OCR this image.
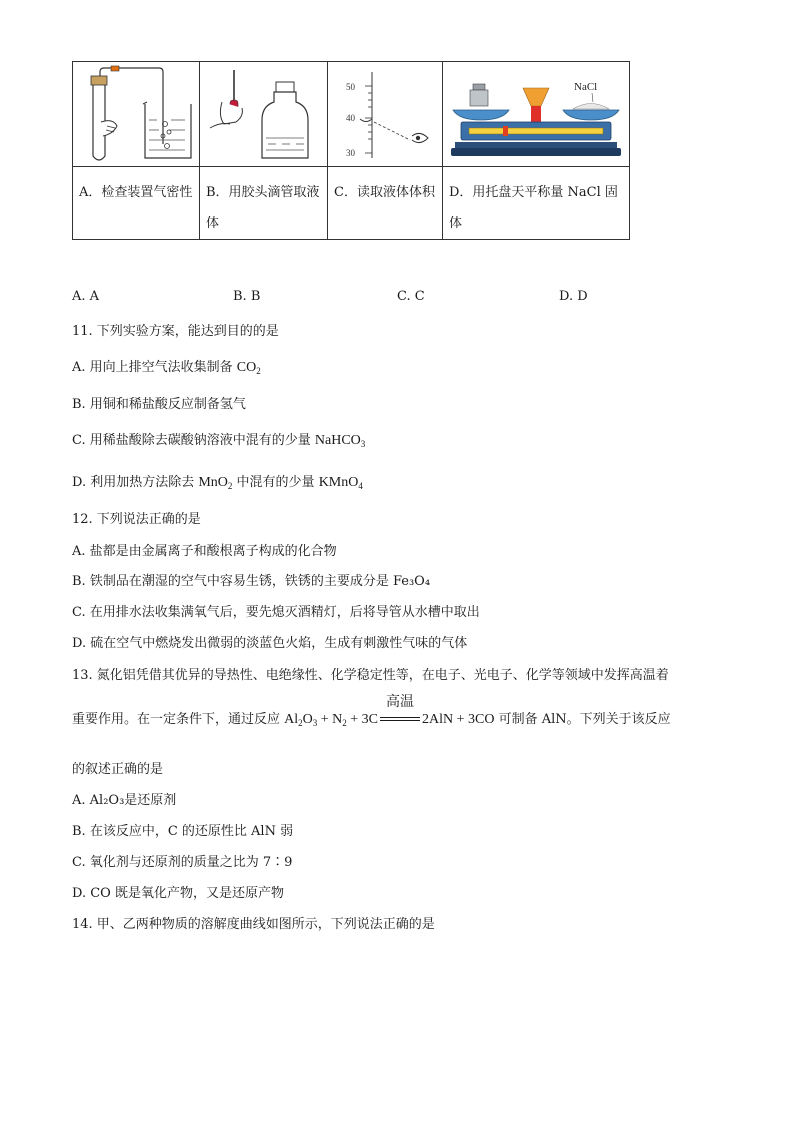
50
40
30	NaCl

A．检查装置气密性	B．用胶头滴管取液体	C．读取液体体积	D．用托盘天平称量 NaCl 固体
A. A	B. B	C. C	D. D
11. 下列实验方案，能达到目的的是
A. 用向上排空气法收集制备 $CO_2$
B. 用铜和稀盐酸反应制备氢气
C. 用稀盐酸除去碳酸钠溶液中混有的少量 NaHCO$_3$
D. 利用加热方法除去 MnO$_2$ 中混有的少量 KMnO$_4$
12. 下列说法正确的是
A. 盐都是由金属离子和酸根离子构成的化合物
B. 铁制品在潮湿的空气中容易生锈，铁锈的主要成分是 Fe₃O₄
C. 在用排水法收集满氧气后，要先熄灭酒精灯，后将导管从水槽中取出
D. 硫在空气中燃烧发出微弱的淡蓝色火焰，生成有刺激性气味的气体
13. 氮化铝凭借其优异的导热性、电绝缘性、化学稳定性等，在电子、光电子、化学等领域中发挥高温着
重要作用。在一定条件下，通过反应 $Al_2O_3 + N_2 + 3C$
高温
2AlN + 3CO 可制备 AlN。下列关于该反应
的叙述正确的是
A. Al₂O₃是还原剂
B. 在该反应中，C 的还原性比 AlN 弱
C. 氧化剂与还原剂的质量之比为 7∶9
D. CO 既是氧化产物，又是还原产物
14. 甲、乙两种物质的溶解度曲线如图所示，下列说法正确的是
